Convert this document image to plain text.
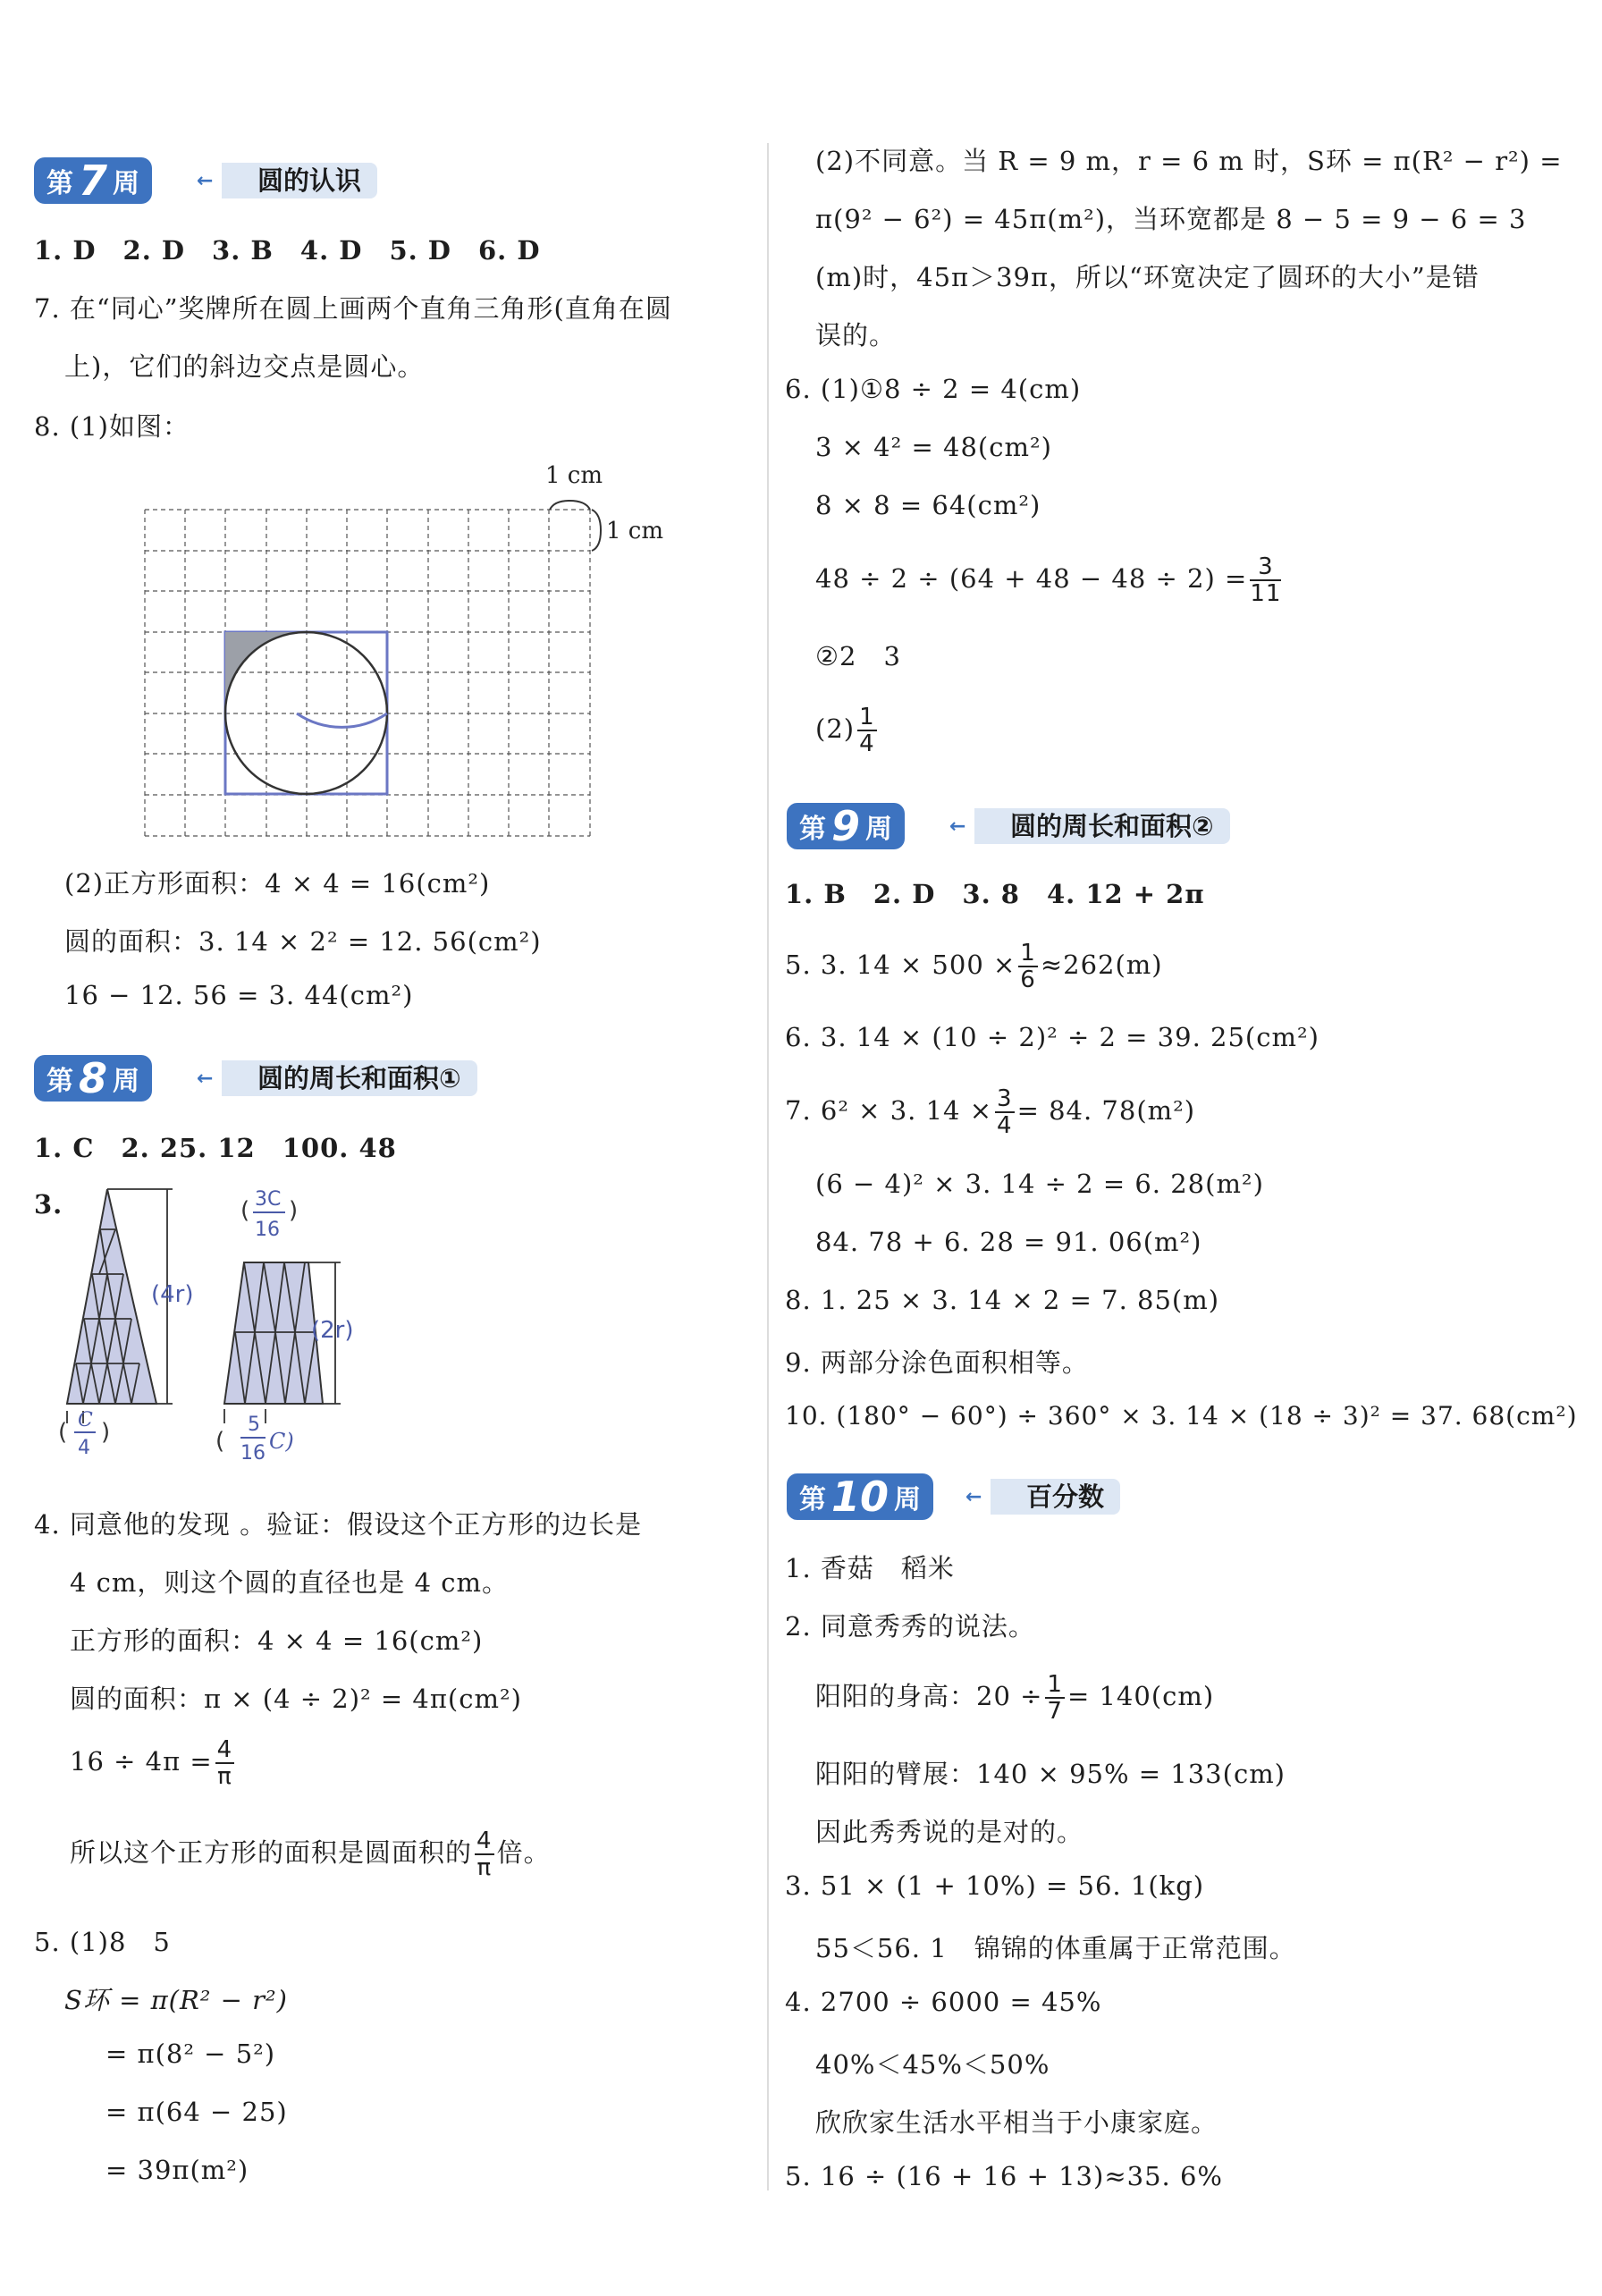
第 7 周	←	圆的认识
1. D　2. D　3. B　4. D　5. D　6. D
7. 在“同心”奖牌所在圆上画两个直角三角形(直角在圆
上)，它们的斜边交点是圆心。
8. (1)如图：
1 cm
1 cm
(2)正方形面积：4 × 4 = 16(cm²)
圆的面积：3. 14 × 2² = 12. 56(cm²)
16 − 12. 56 = 3. 44(cm²)
第 8 周	←	圆的周长和面积①
1. C　2. 25. 12　100. 48
3.
(4r)
( )
C
4
(2r)
( )
3C
16
(
5
16 C)
4. 同意他的发现 。验证：假设这个正方形的边长是
4 cm，则这个圆的直径也是 4 cm。
正方形的面积：4 × 4 = 16(cm²)
圆的面积：π × (4 ÷ 2)² = 4π(cm²)
$16 \div 4\pi = \frac{4}{\pi}$
所以这个正方形的面积是圆面积的 $\frac{4}{\pi}$ 倍。
5. (1)8　5
S环 = π(R² − r²)
= π(8² − 5²)
= π(64 − 25)
= 39π(m²)
(2)不同意。当 R = 9 m，r = 6 m 时，S环 = π(R² − r²) =
π(9² − 6²) = 45π(m²)，当环宽都是 8 − 5 = 9 − 6 = 3
(m)时，45π＞39π，所以“环宽决定了圆环的大小”是错
误的。
6. (1)①8 ÷ 2 = 4(cm)
3 × 4² = 48(cm²)
8 × 8 = 64(cm²)
$48 \div 2 \div (64 + 48 - 48 \div 2) = \frac{3}{11}$
②2　3
$(2) \frac{1}{4}$
第 9 周	←	圆的周长和面积②
1. B　2. D　3. 8　4. 12 + 2π
5. 3. $14 \times 500 \times \frac{1}{6} \approx 262(m)$
6. 3. 14 × (10 ÷ 2)² ÷ 2 = 39. 25(cm²)
7. 6² × 3. $14 \times \frac{3}{4} = 84$. 78(m²)
(6 − 4)² × 3. 14 ÷ 2 = 6. 28(m²)
84. 78 + 6. 28 = 91. 06(m²)
8. 1. 25 × 3. 14 × 2 = 7. 85(m)
9. 两部分涂色面积相等。
10. (180° − 60°) ÷ 360° × 3. 14 × (18 ÷ 3)² = 37. 68(cm²)
第 10 周 ←	百分数
1. 香菇　稻米
2. 同意秀秀的说法。
阳阳的身高：$20 \div \frac{1}{7} = 140(cm)$
阳阳的臂展：140 × 95% = 133(cm)
因此秀秀说的是对的。
3. 51 × (1 + 10%) = 56. 1(kg)
55＜56. 1　锦锦的体重属于正常范围。
4. 2700 ÷ 6000 = 45%
40%＜45%＜50%
欣欣家生活水平相当于小康家庭。
5. 16 ÷ (16 + 16 + 13)≈35. 6%
